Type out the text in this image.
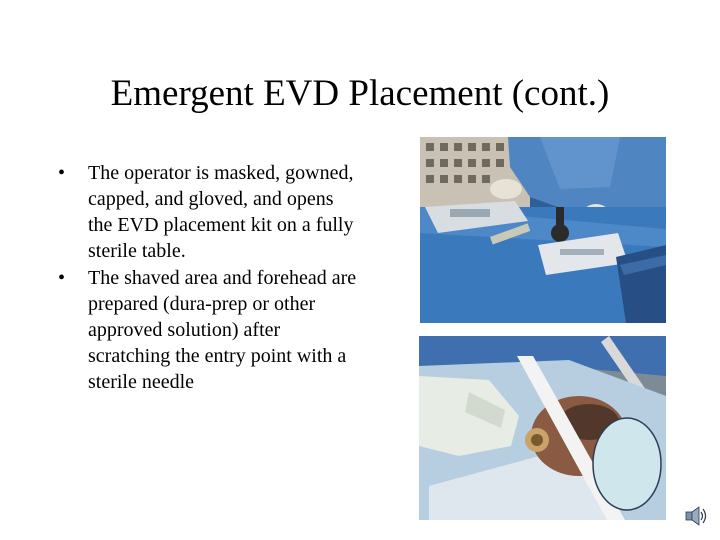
Emergent EVD Placement (cont.)
•	The operator is masked, gowned, capped, and gloved, and opens the EVD placement kit on a fully sterile table.
•	The shaved area and forehead are prepared (dura-prep or other approved solution) after scratching the entry point with a sterile needle
